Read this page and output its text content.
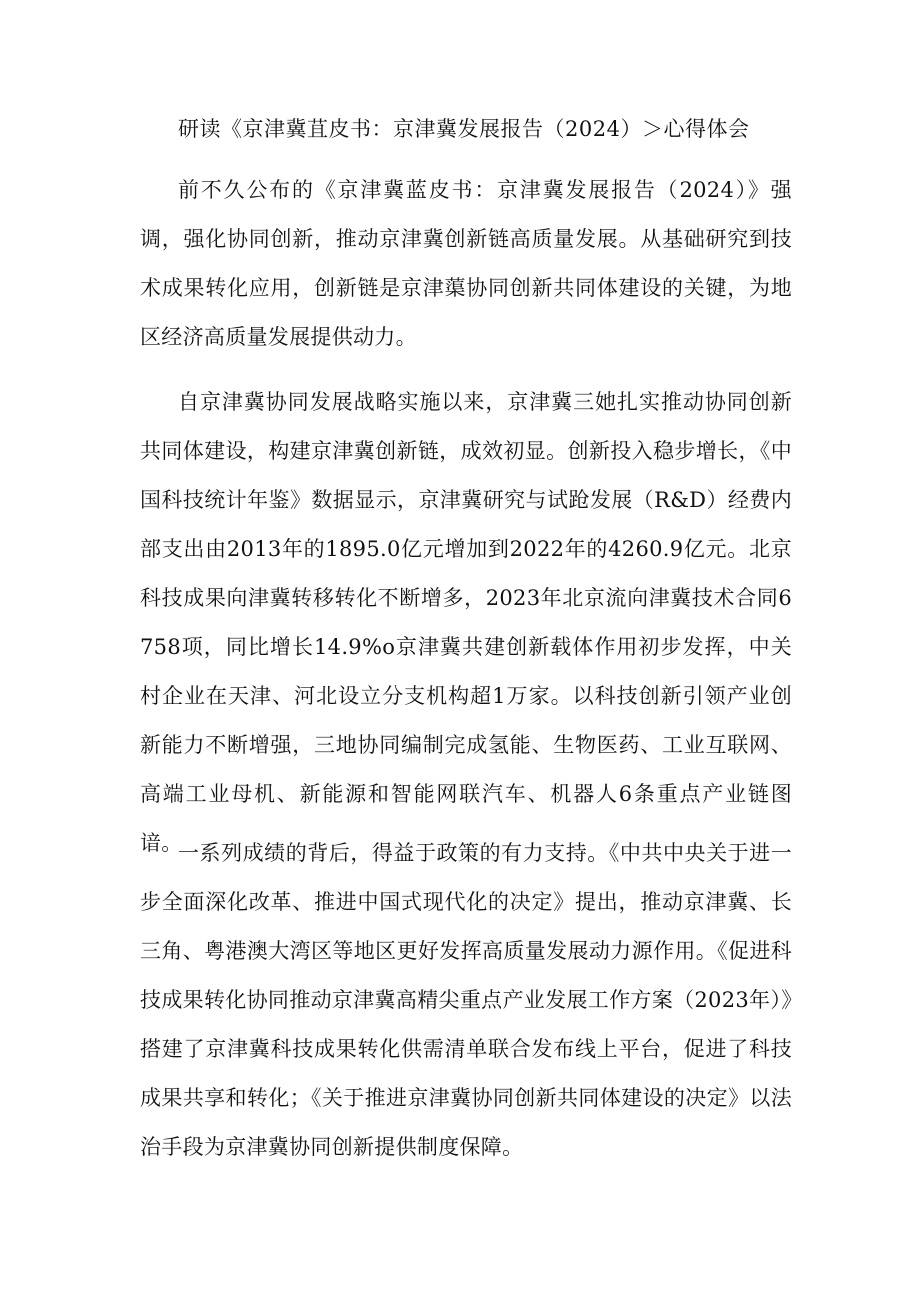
研读《京津冀苴皮书：京津冀发展报告（2024）＞心得体会

前不久公布的《京津冀蓝皮书：京津冀发展报告（2024）》强调，强化协同创新，推动京津冀创新链高质量发展。从基础研究到技术成果转化应用，创新链是京津蕖协同创新共同体建设的关键，为地区经济高质量发展提供动力。

自京津冀协同发展战略实施以来，京津冀三她扎实推动协同创新共同体建设，构建京津冀创新链，成效初显。创新投入稳步增长，《中国科技统计年鉴》数据显示，京津冀研究与试跄发展（R&D）经费内部支出由2013年的1895.0亿元增加到2022年的4260.9亿元。北京科技成果向津冀转移转化不断增多，2023年北京流向津冀技术合同6758项，同比增长14.9%o京津冀共建创新载体作用初步发挥，中关村企业在天津、河北设立分支机构超1万家。以科技创新引领产业创新能力不断增强，三地协同编制完成氢能、生物医药、工业互联网、高端工业母机、新能源和智能网联汽车、机器人6条重点产业链图谙。

一系列成绩的背后，得益于政策的有力支持。《中共中央关于进一步全面深化改革、推进中国式现代化的决定》提出，推动京津冀、长三角、粤港澳大湾区等地区更好发挥高质量发展动力源作用。《促进科技成果转化协同推动京津冀高精尖重点产业发展工作方案（2023年）》搭建了京津冀科技成果转化供需清单联合发布线上平台，促进了科技成果共享和转化；《关于推进京津冀协同创新共同体建设的决定》以法治手段为京津冀协同创新提供制度保障。
